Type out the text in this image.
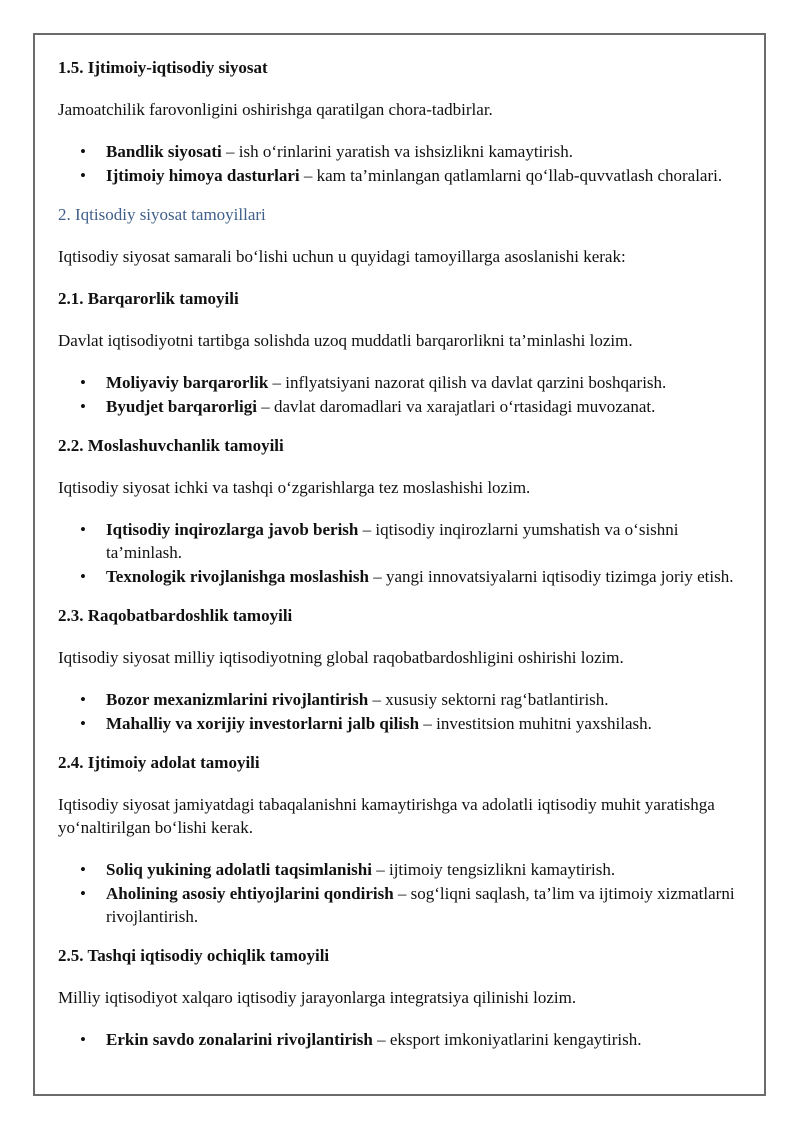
1.5. Ijtimoiy-iqtisodiy siyosat
Jamoatchilik farovonligini oshirishga qaratilgan chora-tadbirlar.
• Bandlik siyosati – ish o‘rinlarini yaratish va ishsizlikni kamaytirish.
• Ijtimoiy himoya dasturlari – kam ta’minlangan qatlamlarni qo‘llab-quvvatlash choralari.
2. Iqtisodiy siyosat tamoyillari
Iqtisodiy siyosat samarali bo‘lishi uchun u quyidagi tamoyillarga asoslanishi kerak:
2.1. Barqarorlik tamoyili
Davlat iqtisodiyotni tartibga solishda uzoq muddatli barqarorlikni ta’minlashi lozim.
• Moliyaviy barqarorlik – inflyatsiyani nazorat qilish va davlat qarzini boshqarish.
• Byudjet barqarorligi – davlat daromadlari va xarajatlari o‘rtasidagi muvozanat.
2.2. Moslashuvchanlik tamoyili
Iqtisodiy siyosat ichki va tashqi o‘zgarishlarga tez moslashishi lozim.
• Iqtisodiy inqirozlarga javob berish – iqtisodiy inqirozlarni yumshatish va o‘sishni ta’minlash.
• Texnologik rivojlanishga moslashish – yangi innovatsiyalarni iqtisodiy tizimga joriy etish.
2.3. Raqobatbardoshlik tamoyili
Iqtisodiy siyosat milliy iqtisodiyotning global raqobatbardoshligini oshirishi lozim.
• Bozor mexanizmlarini rivojlantirish – xususiy sektorni rag‘batlantirish.
• Mahalliy va xorijiy investorlarni jalb qilish – investitsion muhitni yaxshilash.
2.4. Ijtimoiy adolat tamoyili
Iqtisodiy siyosat jamiyatdagi tabaqalanishni kamaytirishga va adolatli iqtisodiy muhit yaratishga yo‘naltirilgan bo‘lishi kerak.
• Soliq yukining adolatli taqsimlanishi – ijtimoiy tengsizlikni kamaytirish.
• Aholining asosiy ehtiyojlarini qondirish – sog‘liqni saqlash, ta’lim va ijtimoiy xizmatlarni rivojlantirish.
2.5. Tashqi iqtisodiy ochiqlik tamoyili
Milliy iqtisodiyot xalqaro iqtisodiy jarayonlarga integratsiya qilinishi lozim.
• Erkin savdo zonalarini rivojlantirish – eksport imkoniyatlarini kengaytirish.
